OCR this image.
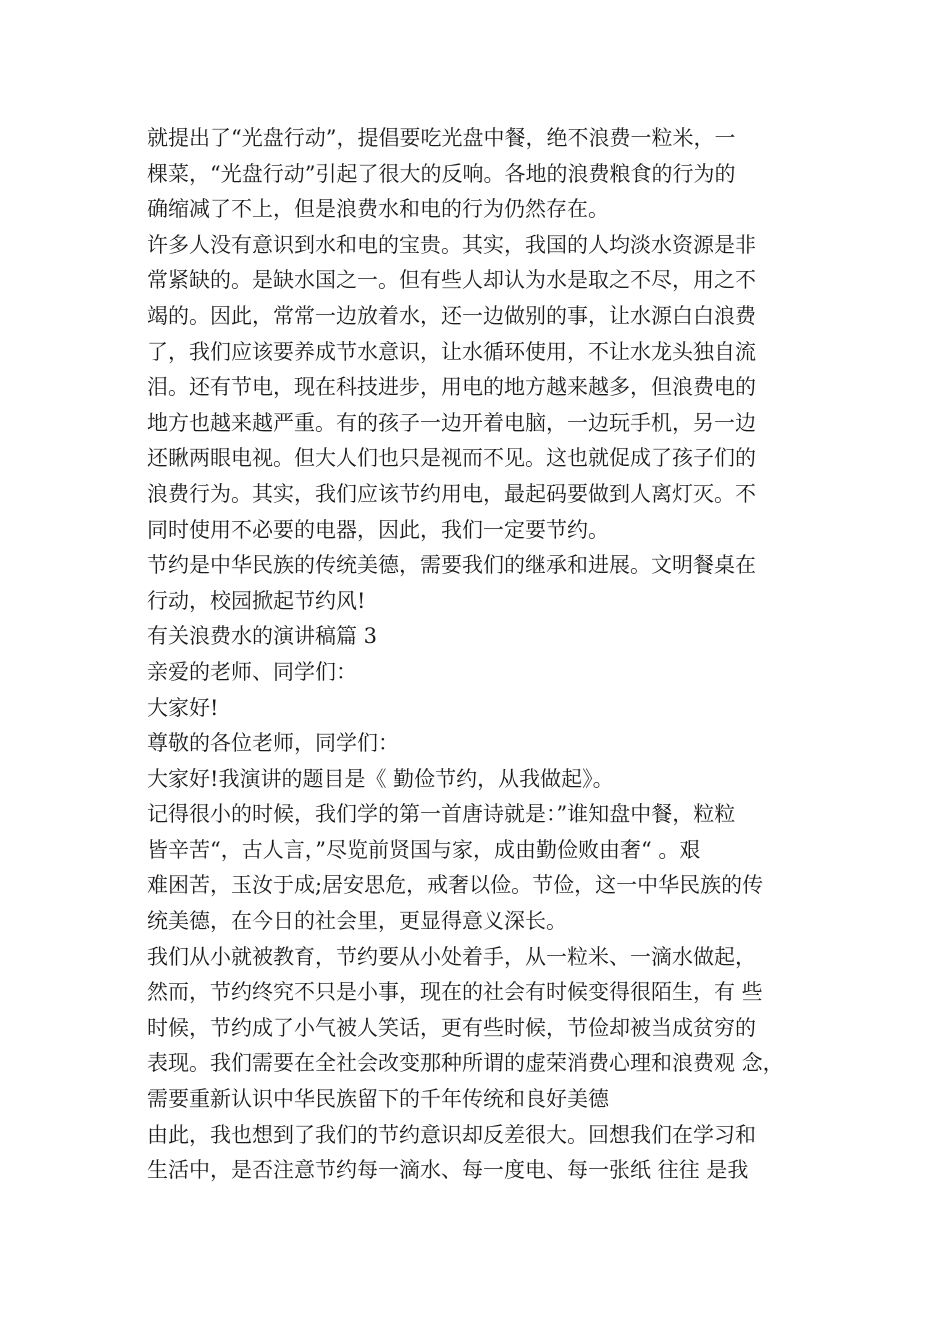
就提出了“光盘行动”，提倡要吃光盘中餐，绝不浪费一粒米，一
棵菜，“光盘行动”引起了很大的反响。各地的浪费粮食的行为的
确缩减了不上，但是浪费水和电的行为仍然存在。
许多人没有意识到水和电的宝贵。其实，我国的人均淡水资源是非
常紧缺的。是缺水国之一。但有些人却认为水是取之不尽，用之不
竭的。因此，常常一边放着水，还一边做别的事，让水源白白浪费
了，我们应该要养成节水意识，让水循环使用，不让水龙头独自流
泪。还有节电，现在科技进步，用电的地方越来越多，但浪费电的
地方也越来越严重。有的孩子一边开着电脑，一边玩手机，另一边
还瞅两眼电视。但大人们也只是视而不见。这也就促成了孩子们的
浪费行为。其实，我们应该节约用电，最起码要做到人离灯灭。不
同时使用不必要的电器，因此，我们一定要节约。
节约是中华民族的传统美德，需要我们的继承和进展。文明餐桌在
行动，校园掀起节约风!
有关浪费水的演讲稿篇 3
亲爱的老师、同学们：
大家好!
尊敬的各位老师，同学们：
大家好!我演讲的题目是《 勤俭节约，从我做起》。
记得很小的时候，我们学的第一首唐诗就是：”谁知盘中餐，粒粒
皆辛苦“，古人言，”尽览前贤国与家，成由勤俭败由奢“ 。艰
难困苦，玉汝于成;居安思危，戒奢以俭。节俭，这一中华民族的传
统美德，在今日的社会里，更显得意义深长。
我们从小就被教育，节约要从小处着手，从一粒米、一滴水做起，
然而，节约终究不只是小事，现在的社会有时候变得很陌生，有 些
时候，节约成了小气被人笑话，更有些时候，节俭却被当成贫穷的
表现。我们需要在全社会改变那种所谓的虚荣消费心理和浪费观 念，
需要重新认识中华民族留下的千年传统和良好美德
由此，我也想到了我们的节约意识却反差很大。回想我们在学习和
生活中，是否注意节约每一滴水、每一度电、每一张纸 往往 是我
